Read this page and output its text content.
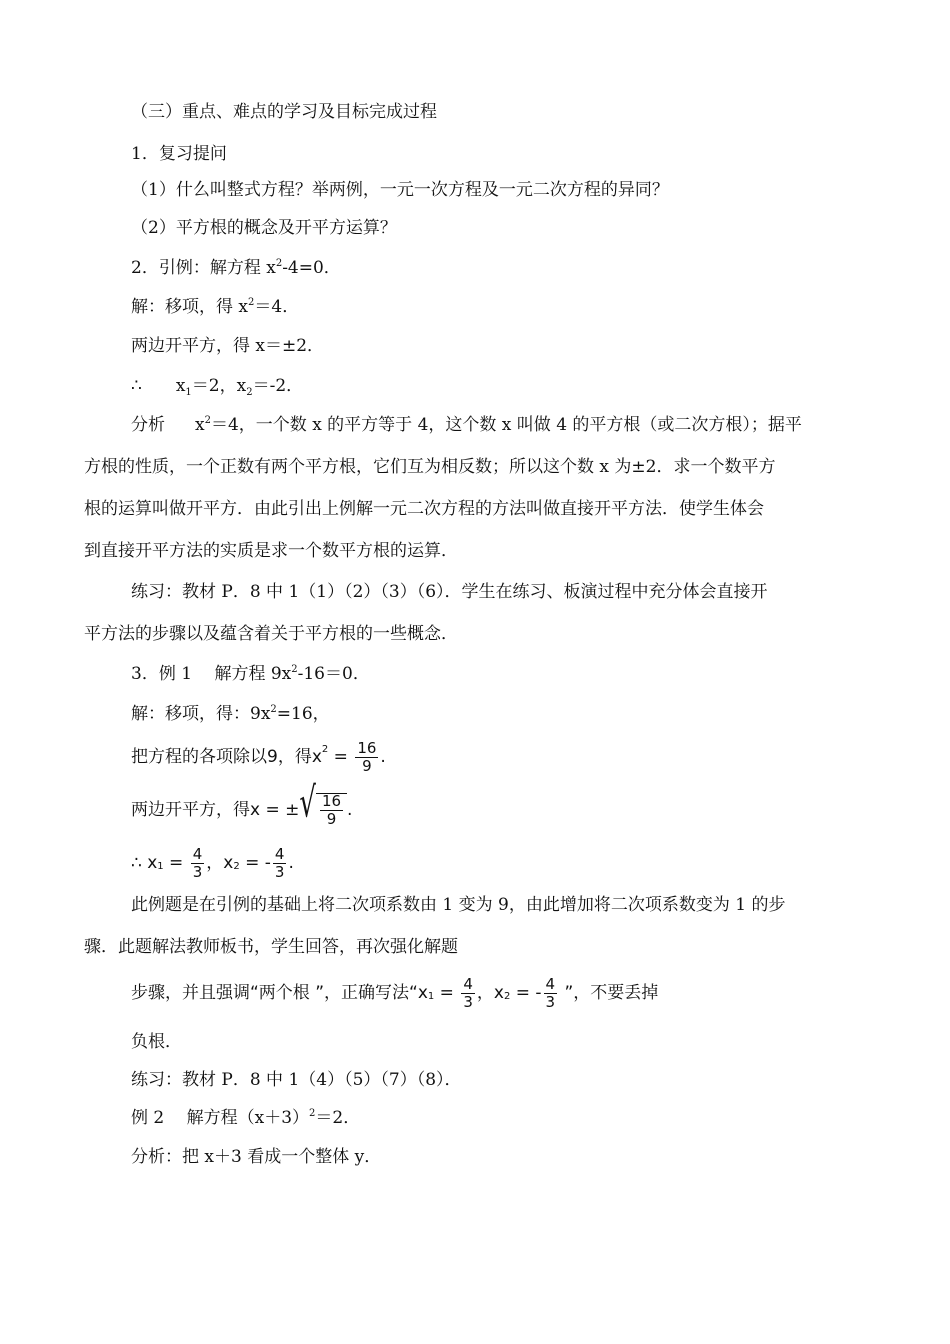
（三）重点、难点的学习及目标完成过程
1．复习提问
（1）什么叫整式方程？举两例，一元一次方程及一元二次方程的异同？
（2）平方根的概念及开平方运算？
2．引例：解方程 $x^2-4=0$．
解：移项，得 $x^2=4$．
两边开平方，得 x＝±2．
∴ $x_1=2$，$x_2=-2$．
分析 $x^2=4$，一个数 x 的平方等于 4，这个数 x 叫做 4 的平方根（或二次方根）；据平
方根的性质，一个正数有两个平方根，它们互为相反数；所以这个数 x 为±2．求一个数平方
根的运算叫做开平方．由此引出上例解一元二次方程的方法叫做直接开平方法．使学生体会
到直接开平方法的实质是求一个数平方根的运算．
练习：教材 P．8 中 1（1）（2）（3）（6）．学生在练习、板演过程中充分体会直接开
平方法的步骤以及蕴含着关于平方根的一些概念．
3．例 1　 解方程 $9x^2-16=0$．
解：移项，得：$9x^2=16$，
把方程的各项除以9，得x $2 = \frac{16}{9}$ .
两边开平方，得x = ± √ $\frac{16}{9}$ .
∴ x $1 = \frac{4}{3}$ ，x 2 = - $\frac{4}{3}$ .
此例题是在引例的基础上将二次项系数由 1 变为 9，由此增加将二次项系数变为 1 的步
骤．此题解法教师板书，学生回答，再次强化解题
步骤，并且强调“两个根 ”，正确写法“x $1 = \frac{4}{3}$ ，x 2 = - $\frac{4}{3}$ ”，不要丢掉
负根．
练习：教材 P．8 中 1（4）（5）（7）（8）．
例 2　 解方程$(x+3)^2=2$．
分析：把 x＋3 看成一个整体 y．
